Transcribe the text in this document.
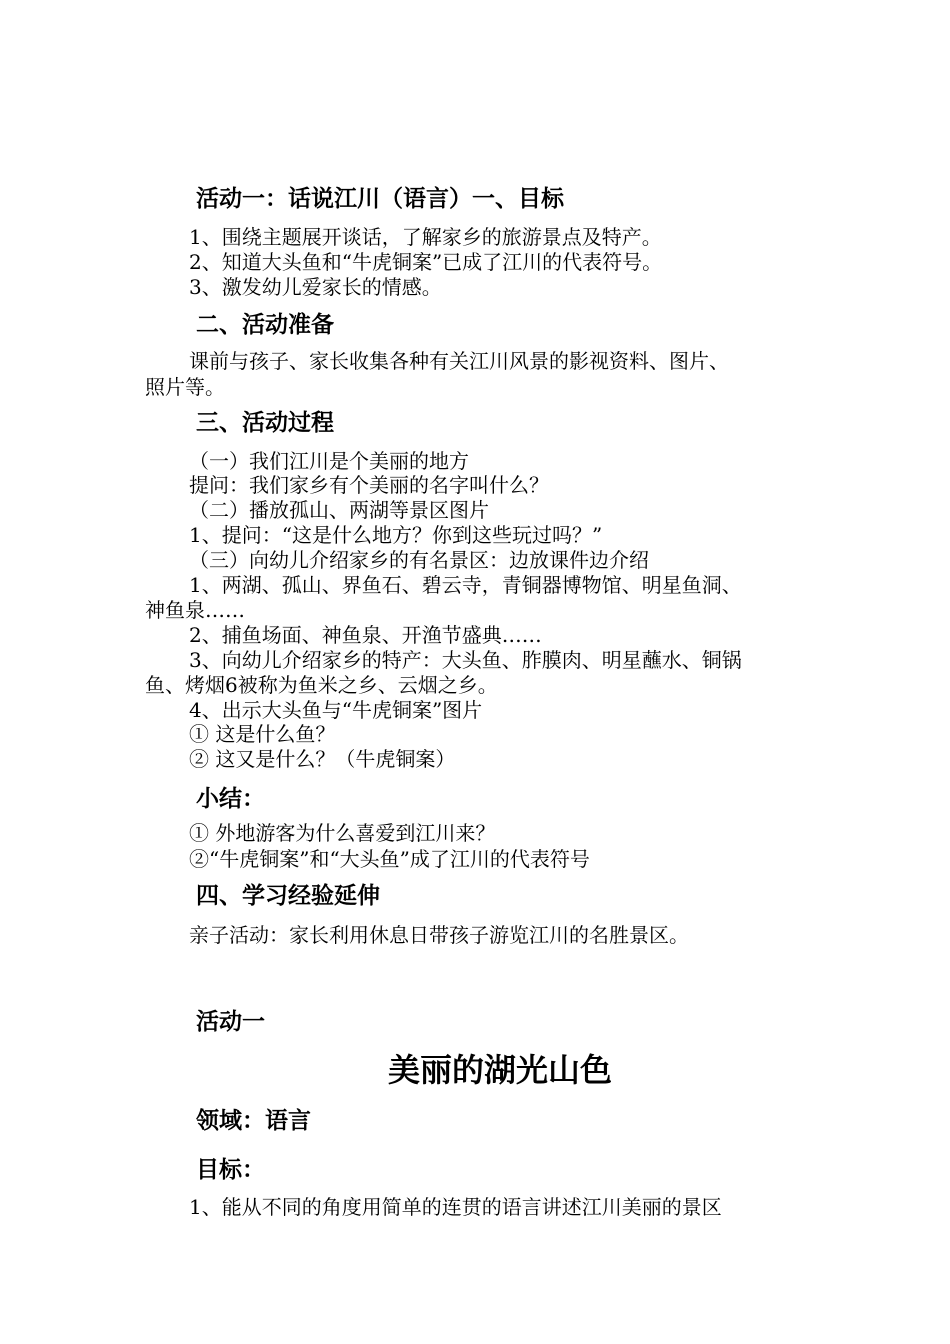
活动一：话说江川（语言）一、目标
1、围绕主题展开谈话，了解家乡的旅游景点及特产。
2、知道大头鱼和“牛虎铜案”已成了江川的代表符号。
3、激发幼儿爱家长的情感。
二、活动准备
课前与孩子、家长收集各种有关江川风景的影视资料、图片、
照片等。
三、活动过程
（一）我们江川是个美丽的地方
提问：我们家乡有个美丽的名字叫什么？
（二）播放孤山、两湖等景区图片
1、提问：“这是什么地方？你到这些玩过吗？”
（三）向幼儿介绍家乡的有名景区：边放课件边介绍
1、两湖、孤山、界鱼石、碧云寺，青铜器博物馆、明星鱼洞、
神鱼泉……
2、捕鱼场面、神鱼泉、开渔节盛典……
3、向幼儿介绍家乡的特产：大头鱼、胙膜肉、明星蘸水、铜锅
鱼、烤烟6被称为鱼米之乡、云烟之乡。
4、出示大头鱼与“牛虎铜案”图片
① 这是什么鱼？
② 这又是什么？（牛虎铜案）
小结：
① 外地游客为什么喜爱到江川来？
②“牛虎铜案”和“大头鱼”成了江川的代表符号
四、学习经验延伸
亲子活动：家长利用休息日带孩子游览江川的名胜景区。
活动一
美丽的湖光山色
领域：语言
目标：
1、能从不同的角度用简单的连贯的语言讲述江川美丽的景区
